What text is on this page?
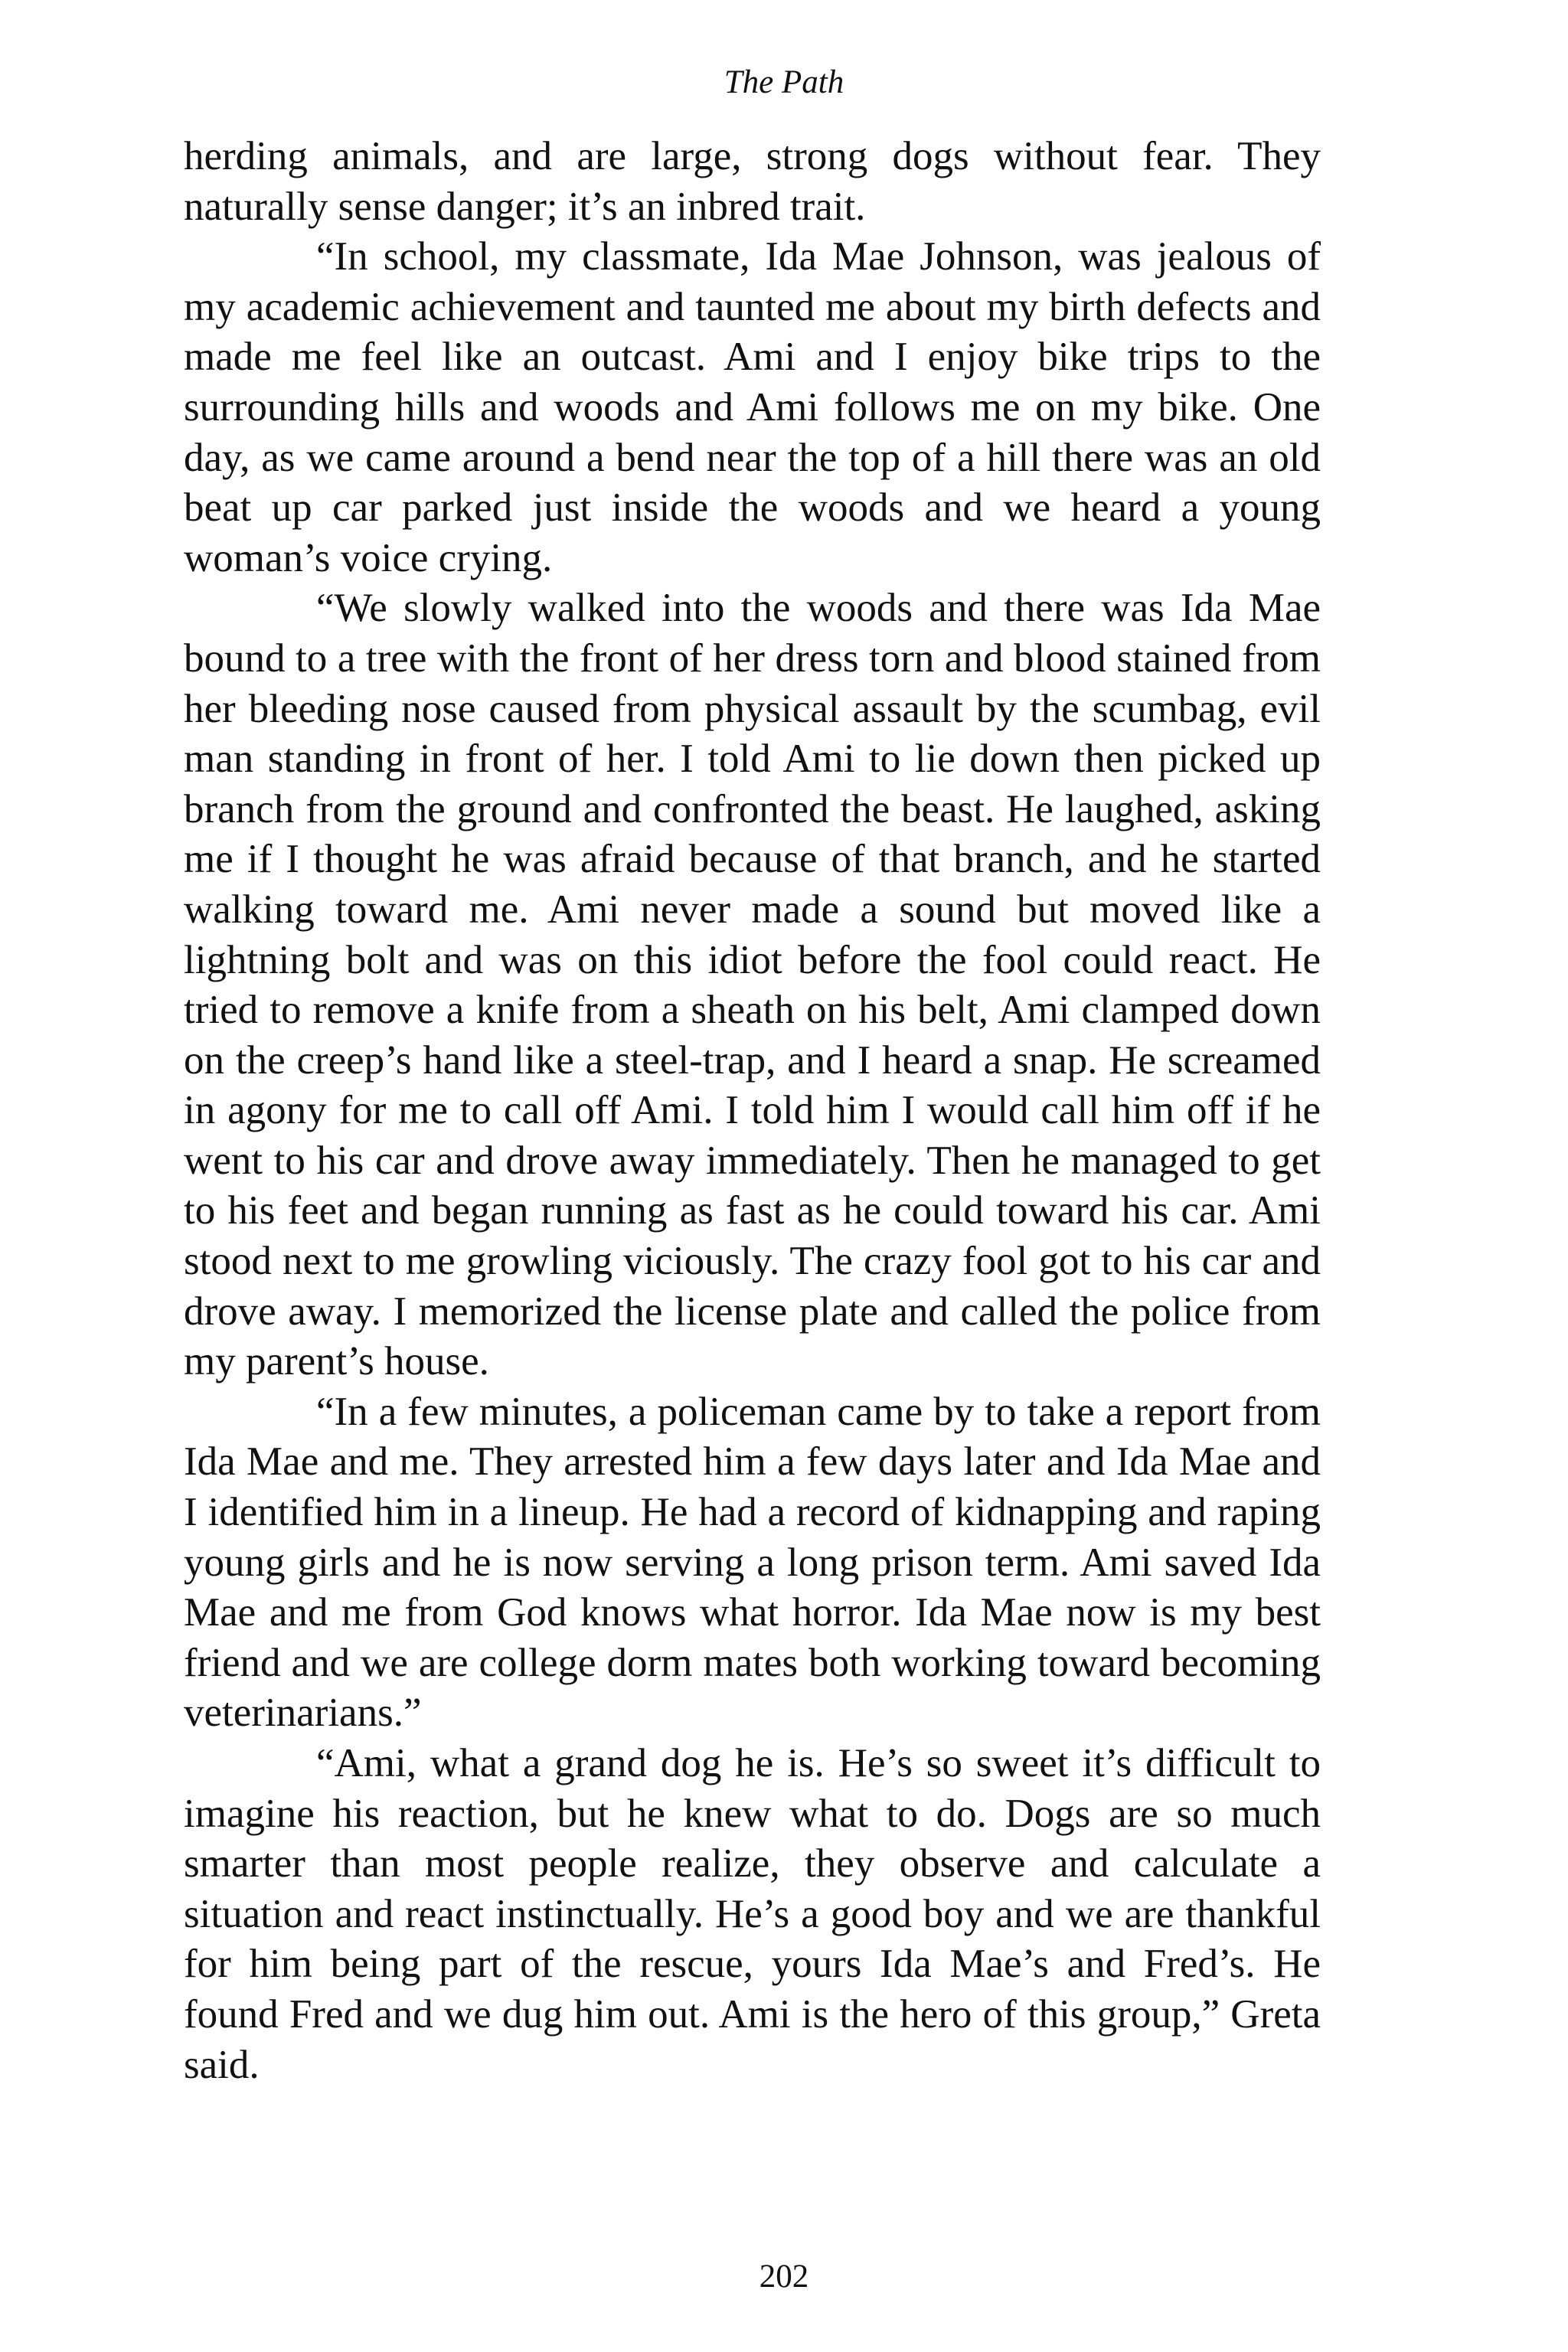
The Path

herding animals, and are large, strong dogs without fear. They naturally sense danger; it’s an inbred trait.

“In school, my classmate, Ida Mae Johnson, was jealous of my academic achievement and taunted me about my birth defects and made me feel like an outcast. Ami and I enjoy bike trips to the surrounding hills and woods and Ami follows me on my bike. One day, as we came around a bend near the top of a hill there was an old beat up car parked just inside the woods and we heard a young woman’s voice crying.

“We slowly walked into the woods and there was Ida Mae bound to a tree with the front of her dress torn and blood stained from her bleeding nose caused from physical assault by the scumbag, evil man standing in front of her. I told Ami to lie down then picked up branch from the ground and confronted the beast. He laughed, asking me if I thought he was afraid because of that branch, and he started walking toward me. Ami never made a sound but moved like a lightning bolt and was on this idiot before the fool could react. He tried to remove a knife from a sheath on his belt, Ami clamped down on the creep’s hand like a steel-trap, and I heard a snap. He screamed in agony for me to call off Ami. I told him I would call him off if he went to his car and drove away immediately. Then he managed to get to his feet and began running as fast as he could toward his car. Ami stood next to me growling viciously. The crazy fool got to his car and drove away. I memorized the license plate and called the police from my parent’s house.

“In a few minutes, a policeman came by to take a report from Ida Mae and me. They arrested him a few days later and Ida Mae and I identified him in a lineup. He had a record of kidnapping and raping young girls and he is now serving a long prison term. Ami saved Ida Mae and me from God knows what horror. Ida Mae now is my best friend and we are college dorm mates both working toward becoming veterinarians.”

“Ami, what a grand dog he is. He’s so sweet it’s difficult to imagine his reaction, but he knew what to do. Dogs are so much smarter than most people realize, they observe and calculate a situation and react instinctually. He’s a good boy and we are thankful for him being part of the rescue, yours Ida Mae’s and Fred’s. He found Fred and we dug him out. Ami is the hero of this group,” Greta said.

202
